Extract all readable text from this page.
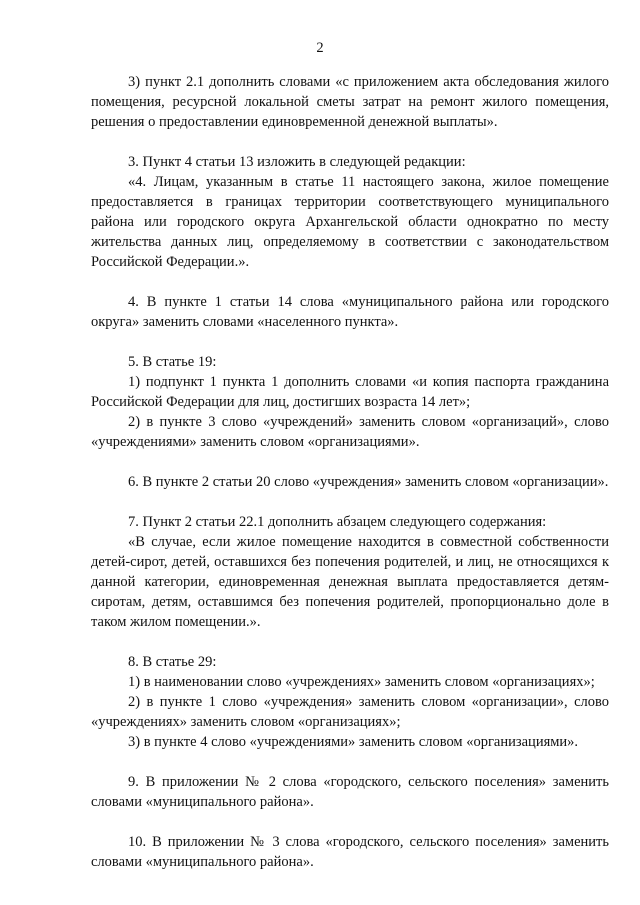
2

3) пункт 2.1 дополнить словами «с приложением акта обследования жилого помещения, ресурсной локальной сметы затрат на ремонт жилого помещения, решения о предоставлении единовременной денежной выплаты».

3. Пункт 4 статьи 13 изложить в следующей редакции:

«4. Лицам, указанным в статье 11 настоящего закона, жилое помещение предоставляется в границах территории соответствующего муниципального района или городского округа Архангельской области однократно по месту жительства данных лиц, определяемому в соответствии с законодательством Российской Федерации.».

4. В пункте 1 статьи 14 слова «муниципального района или городского округа» заменить словами «населенного пункта».

5. В статье 19:

1) подпункт 1 пункта 1 дополнить словами «и копия паспорта гражданина Российской Федерации для лиц, достигших возраста 14 лет»;

2) в пункте 3 слово «учреждений» заменить словом «организаций», слово «учреждениями» заменить словом «организациями».

6. В пункте 2 статьи 20 слово «учреждения» заменить словом «организации».

7. Пункт 2 статьи 22.1 дополнить абзацем следующего содержания:

«В случае, если жилое помещение находится в совместной собственности детей-сирот, детей, оставшихся без попечения родителей, и лиц, не относящихся к данной категории, единовременная денежная выплата предоставляется детям-сиротам, детям, оставшимся без попечения родителей, пропорционально доле в таком жилом помещении.».

8. В статье 29:

1) в наименовании слово «учреждениях» заменить словом «организациях»;

2) в пункте 1 слово «учреждения» заменить словом «организации», слово «учреждениях» заменить словом «организациях»;

3) в пункте 4 слово «учреждениями» заменить словом «организациями».

9. В приложении № 2 слова «городского, сельского поселения» заменить словами «муниципального района».

10. В приложении № 3 слова «городского, сельского поселения» заменить словами «муниципального района».
